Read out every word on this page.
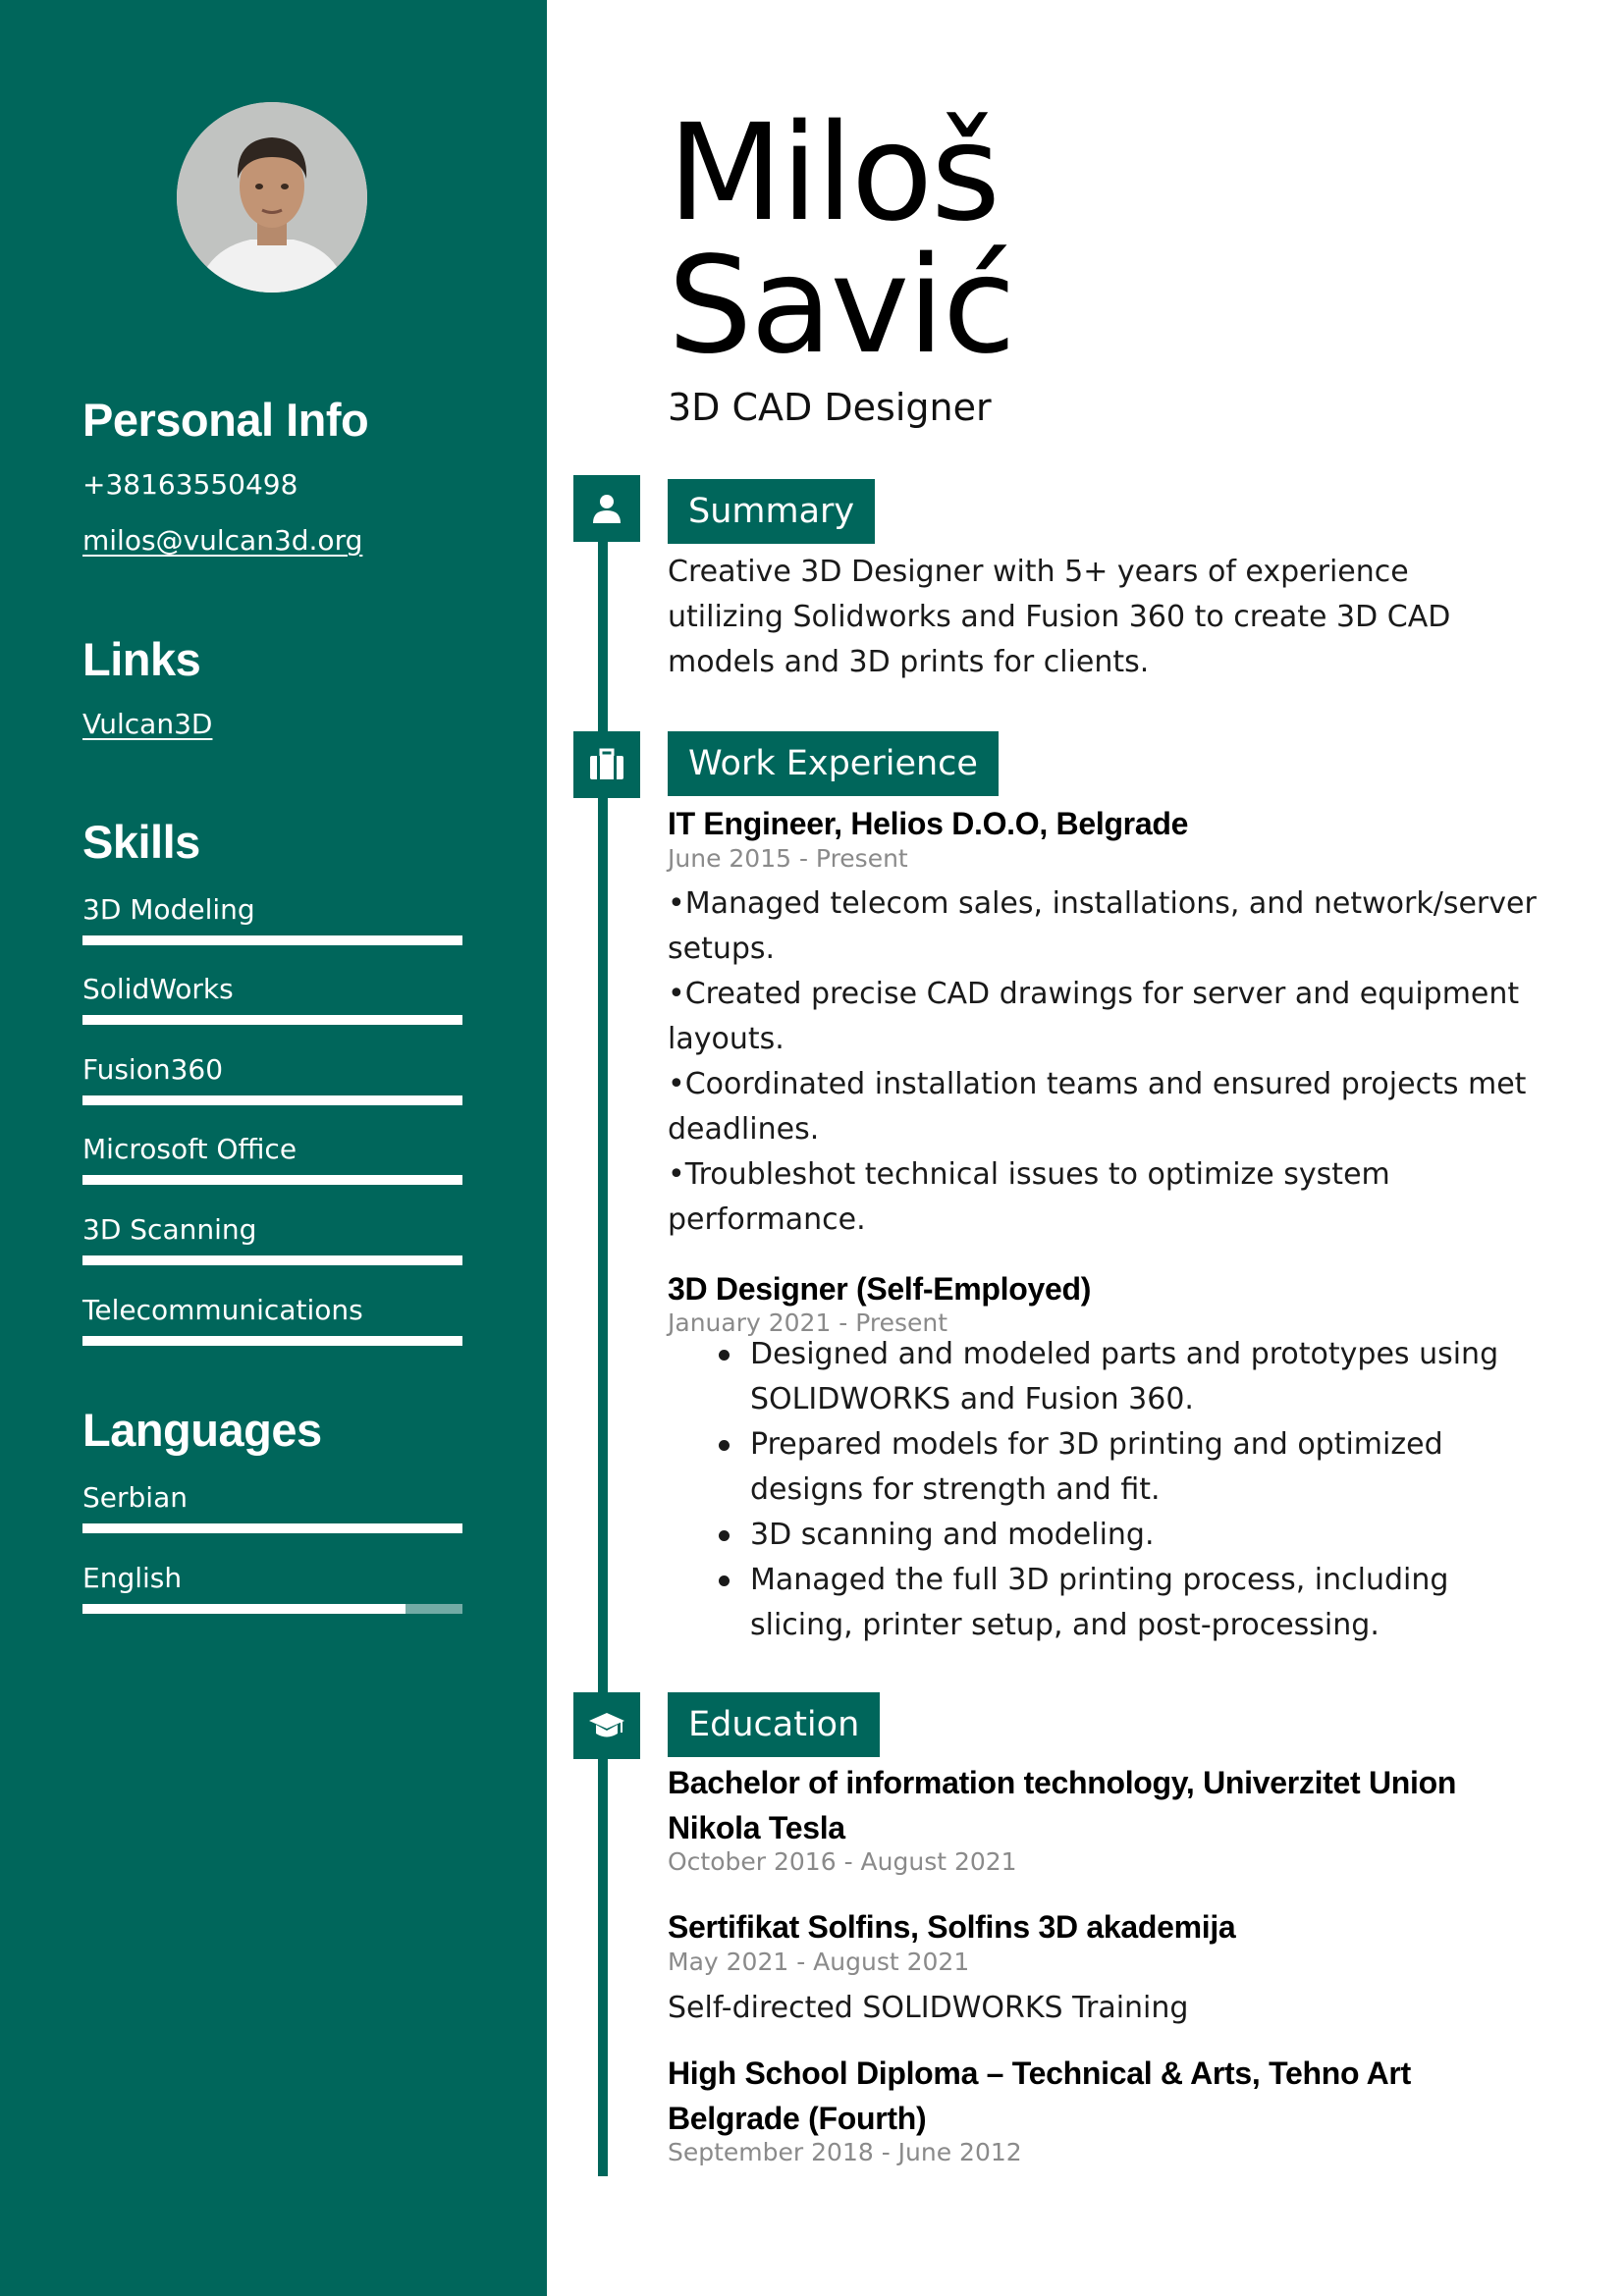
Personal Info
+38163550498
milos@vulcan3d.org
Links
Vulcan3D
Skills
3D Modeling
SolidWorks
Fusion360
Microsoft Office
3D Scanning
Telecommunications
Languages
Serbian
English
Miloš
Savić
3D CAD Designer
Summary

Creative 3D Designer with 5+ years of experience utilizing Solidworks and Fusion 360 to create 3D CAD models and 3D prints for clients.

Work Experience
IT Engineer, Helios D.O.O, Belgrade
June 2015 - Present
•Managed telecom sales, installations, and network/server
setups.
•Created precise CAD drawings for server and equipment
layouts.
•Coordinated installation teams and ensured projects met
deadlines.
•Troubleshot technical issues to optimize system
performance.
3D Designer (Self-Employed)
January 2021 - Present
Designed and modeled parts and prototypes using SOLIDWORKS and Fusion 360.
Prepared models for 3D printing and optimized designs for strength and fit.
3D scanning and modeling.
Managed the full 3D printing process, including slicing, printer setup, and post-processing.
Education
Bachelor of information technology, Univerzitet Union Nikola Tesla
October 2016 - August 2021
Sertifikat Solfins, Solfins 3D akademija
May 2021 - August 2021

Self-directed SOLIDWORKS Training

High School Diploma – Technical & Arts, Tehno Art Belgrade (Fourth)
September 2018 - June 2012
